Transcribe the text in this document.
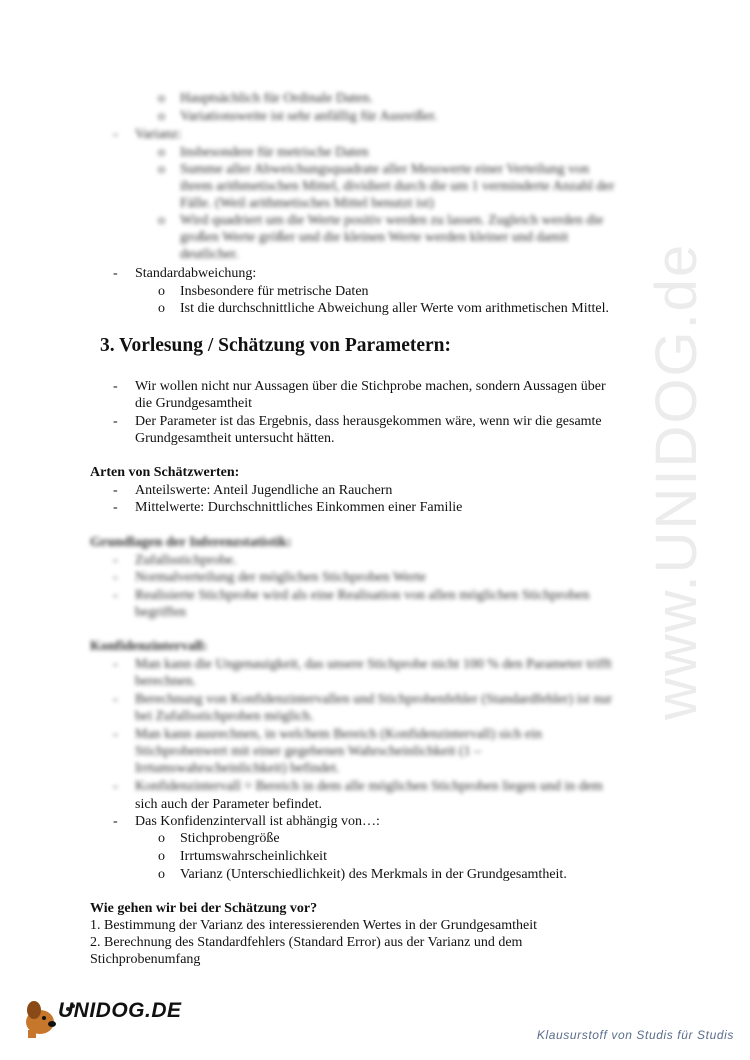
www.UNIDOG.de
o Hauptsächlich für Ordinale Daten.
o Variationsweite ist sehr anfällig für Ausreißer.
- Varianz:
o Insbesondere für metrische Daten
o Summe aller Abweichungsquadrate aller Messwerte einer Verteilung von
ihrem arithmetischen Mittel, dividiert durch die um 1 verminderte Anzahl der
Fälle. (Weil arithmetisches Mittel benutzt ist)
o Wird quadriert um die Werte positiv werden zu lassen. Zugleich werden die
großen Werte größer und die kleinen Werte werden kleiner und damit
deutlicher.
- Standardabweichung:
o Insbesondere für metrische Daten
o Ist die durchschnittliche Abweichung aller Werte vom arithmetischen Mittel.
3. Vorlesung / Schätzung von Parametern:
- Wir wollen nicht nur Aussagen über die Stichprobe machen, sondern Aussagen über
die Grundgesamtheit
- Der Parameter ist das Ergebnis, dass herausgekommen wäre, wenn wir die gesamte
Grundgesamtheit untersucht hätten.
Arten von Schätzwerten:
- Anteilswerte: Anteil Jugendliche an Rauchern
- Mittelwerte: Durchschnittliches Einkommen einer Familie
Grundlagen der Inferenzstatistik:
- Zufallsstichprobe.
- Normalverteilung der möglichen Stichproben Werte
- Realisierte Stichprobe wird als eine Realisation von allen möglichen Stichproben
begriffen
Konfidenzintervall:
- Man kann die Ungenauigkeit, das unsere Stichprobe nicht 100 % den Parameter trifft
berechnen.
- Berechnung von Konfidenzintervallen und Stichprobenfehler (Standardfehler) ist nur
bei Zufallsstichproben möglich.
- Man kann ausrechnen, in welchem Bereich (Konfidenzintervall) sich ein
Stichprobenwert mit einer gegebenen Wahrscheinlichkeit (1 –
Irrtumswahrscheinlichkeit) befindet.
- Konfidenzintervall = Bereich in dem alle möglichen Stichproben liegen und in dem
sich auch der Parameter befindet.
- Das Konfidenzintervall ist abhängig von…:
o Stichprobengröße
o Irrtumswahrscheinlichkeit
o Varianz (Unterschiedlichkeit) des Merkmals in der Grundgesamtheit.
Wie gehen wir bei der Schätzung vor?
1. Bestimmung der Varianz des interessierenden Wertes in der Grundgesamtheit
2. Berechnung des Standardfehlers (Standard Error) aus der Varianz und dem
Stichprobenumfang
UNIDOG.DE
Klausurstoff von Studis für Studis
